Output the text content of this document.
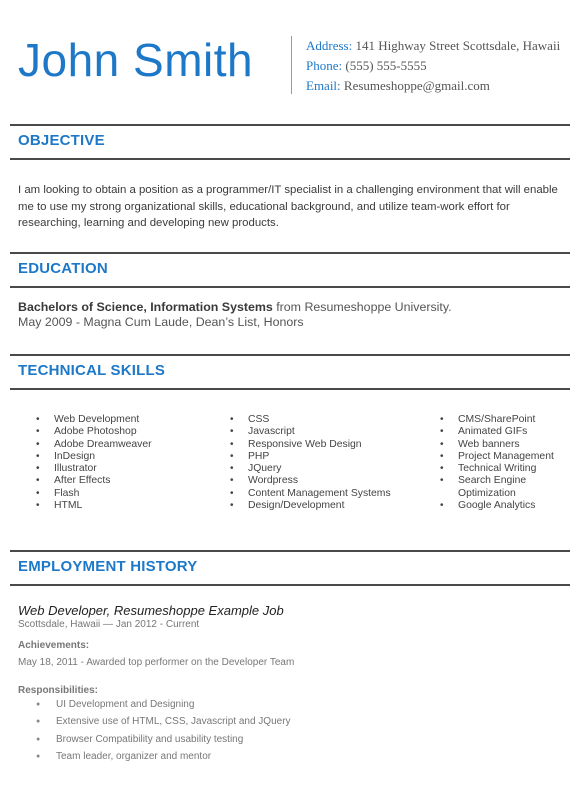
John Smith	Address: 141 Highway Street Scottsdale, Hawaii
Phone: (555) 555-5555
Email: Resumeshoppe@gmail.com
OBJECTIVE
I am looking to obtain a position as a programmer/IT specialist in a challenging environment that will enable me to use my strong organizational skills, educational background, and utilize team-work effort for researching, learning and developing new products.
EDUCATION
Bachelors of Science, Information Systems from Resumeshoppe University.
May 2009 - Magna Cum Laude, Dean’s List, Honors
TECHNICAL SKILLS
• Web Development
• Adobe Photoshop
• Adobe Dreamweaver
• InDesign
• Illustrator
• After Effects
• Flash
• HTML
• CSS
• Javascript
• Responsive Web Design
• PHP
• JQuery
• Wordpress
• Content Management Systems
• Design/Development
• CMS/SharePoint
• Animated GIFs
• Web banners
• Project Management
• Technical Writing
• Search Engine Optimization
• Google Analytics
EMPLOYMENT HISTORY
Web Developer, Resumeshoppe Example Job
Scottsdale, Hawaii — Jan 2012 - Current
Achievements:
May 18, 2011 - Awarded top performer on the Developer Team
Responsibilities:
● UI Development and Designing
● Extensive use of HTML, CSS, Javascript and JQuery
● Browser Compatibility and usability testing
● Team leader, organizer and mentor
